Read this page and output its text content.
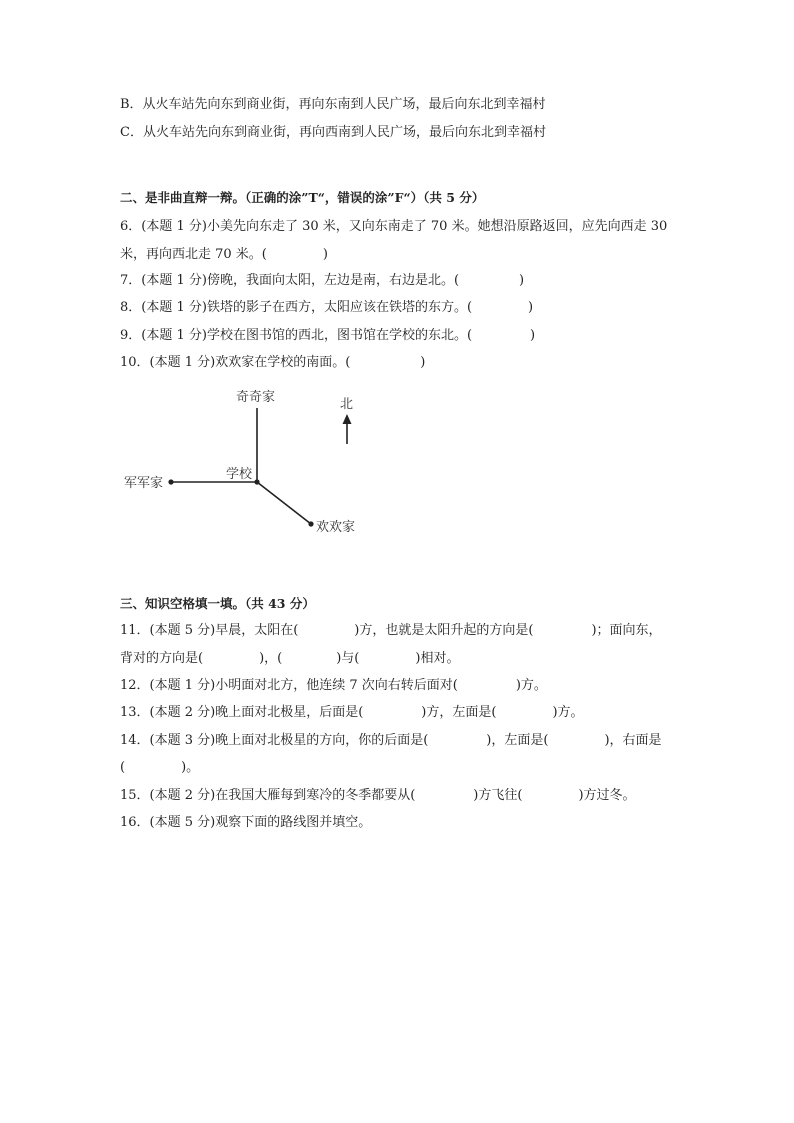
B．从火车站先向东到商业街，再向东南到人民广场，最后向东北到幸福村
C．从火车站先向东到商业街，再向西南到人民广场，最后向东北到幸福村
二、是非曲直辩一辩。（正确的涂”T“，错误的涂”F“）（共 5 分）
6．(本题 1 分)小美先向东走了 30 米，又向东南走了 70 米。她想沿原路返回，应先向西走 30
米，再向西北走 70 米。(	)
7．(本题 1 分)傍晚，我面向太阳，左边是南，右边是北。(	)
8．(本题 1 分)铁塔的影子在西方，太阳应该在铁塔的东方。(	)
9．(本题 1 分)学校在图书馆的西北，图书馆在学校的东北。(	)
10．(本题 1 分)欢欢家在学校的南面。(	)
奇奇家	北
学校
军军家
欢欢家
三、知识空格填一填。（共 43 分）
11．(本题 5 分)早晨，太阳在(	)方，也就是太阳升起的方向是(	)；面向东，
背对的方向是(	)，(	)与(	)相对。
12．(本题 1 分)小明面对北方，他连续 7 次向右转后面对(	)方。
13．(本题 2 分)晚上面对北极星，后面是(	)方，左面是(	)方。
14．(本题 3 分)晚上面对北极星的方向，你的后面是(	)，左面是(	)，右面是
(	)。
15．(本题 2 分)在我国大雁每到寒冷的冬季都要从(	)方飞往(	)方过冬。
16．(本题 5 分)观察下面的路线图并填空。
